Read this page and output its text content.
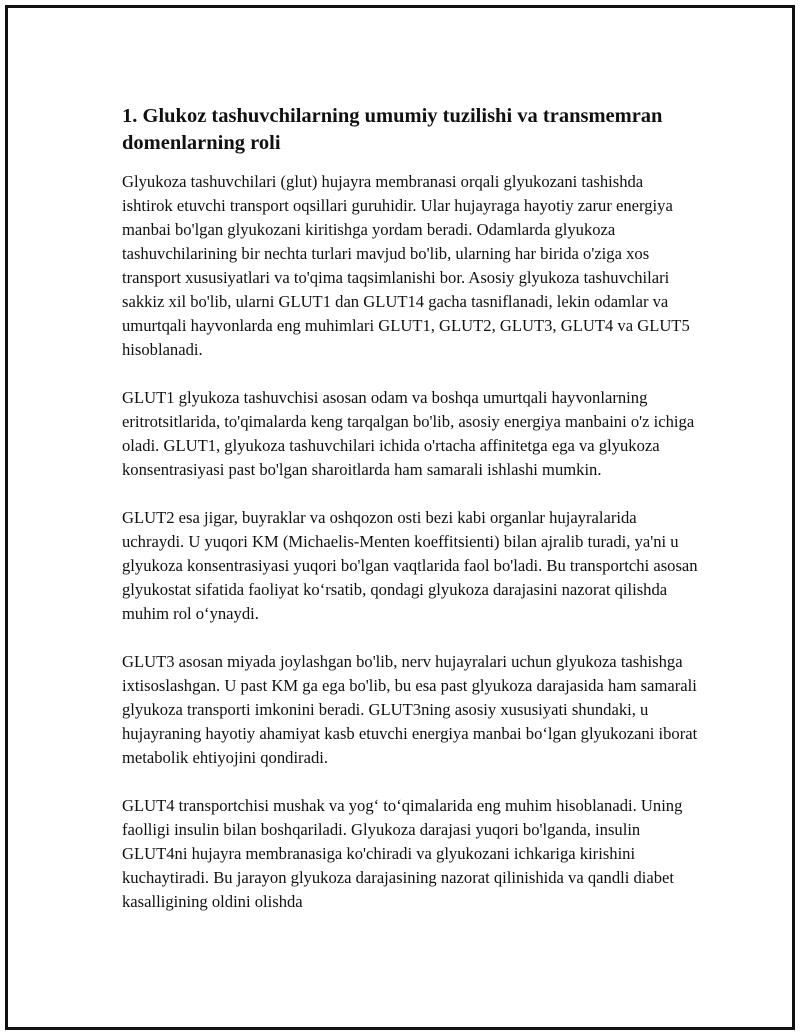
1. Glukoz tashuvchilarning umumiy tuzilishi va transmemran domenlarning roli

Glyukoza tashuvchilari (glut) hujayra membranasi orqali glyukozani tashishda ishtirok etuvchi transport oqsillari guruhidir. Ular hujayraga hayotiy zarur energiya manbai bo'lgan glyukozani kiritishga yordam beradi. Odamlarda glyukoza tashuvchilarining bir nechta turlari mavjud bo'lib, ularning har birida o'ziga xos transport xususiyatlari va to'qima taqsimlanishi bor. Asosiy glyukoza tashuvchilari sakkiz xil bo'lib, ularni GLUT1 dan GLUT14 gacha tasniflanadi, lekin odamlar va umurtqali hayvonlarda eng muhimlari GLUT1, GLUT2, GLUT3, GLUT4 va GLUT5 hisoblanadi.

GLUT1 glyukoza tashuvchisi asosan odam va boshqa umurtqali hayvonlarning eritrotsitlarida, to'qimalarda keng tarqalgan bo'lib, asosiy energiya manbaini o'z ichiga oladi. GLUT1, glyukoza tashuvchilari ichida o'rtacha affinitetga ega va glyukoza konsentrasiyasi past bo'lgan sharoitlarda ham samarali ishlashi mumkin.

GLUT2 esa jigar, buyraklar va oshqozon osti bezi kabi organlar hujayralarida uchraydi. U yuqori KM (Michaelis-Menten koeffitsienti) bilan ajralib turadi, ya'ni u glyukoza konsentrasiyasi yuqori bo'lgan vaqtlarida faol bo'ladi. Bu transportchi asosan glyukostat sifatida faoliyat ko‘rsatib, qondagi glyukoza darajasini nazorat qilishda muhim rol o‘ynaydi.

GLUT3 asosan miyada joylashgan bo'lib, nerv hujayralari uchun glyukoza tashishga ixtisoslashgan. U past KM ga ega bo'lib, bu esa past glyukoza darajasida ham samarali glyukoza transporti imkonini beradi. GLUT3ning asosiy xususiyati shundaki, u hujayraning hayotiy ahamiyat kasb etuvchi energiya manbai bo‘lgan glyukozani iborat metabolik ehtiyojini qondiradi.

GLUT4 transportchisi mushak va yog‘ to‘qimalarida eng muhim hisoblanadi. Uning faolligi insulin bilan boshqariladi. Glyukoza darajasi yuqori bo'lganda, insulin GLUT4ni hujayra membranasiga ko'chiradi va glyukozani ichkariga kirishini kuchaytiradi. Bu jarayon glyukoza darajasining nazorat qilinishida va qandli diabet kasalligining oldini olishda
